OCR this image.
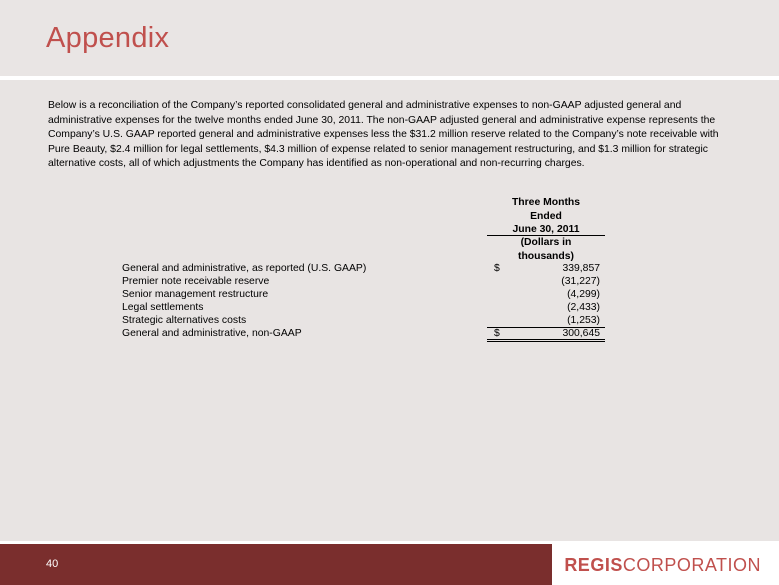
Appendix
Below is a reconciliation of the Company’s reported consolidated general and administrative expenses to non-GAAP adjusted general and administrative expenses for the twelve months ended June 30, 2011. The non-GAAP adjusted general and administrative expense represents the Company’s U.S. GAAP reported general and administrative expenses less the $31.2 million reserve related to the Company’s note receivable with Pure Beauty, $2.4 million for legal settlements, $4.3 million of expense related to senior management restructuring, and $1.3 million for strategic alternative costs, all of which adjustments the Company has identified as non-operational and non-recurring charges.
Three Months
Ended
June 30, 2011
(Dollars in
thousands)
General and administrative, as reported (U.S. GAAP)	$	339,857
Premier note receivable reserve	(31,227)
Senior management restructure	(4,299)
Legal settlements	(2,433)
Strategic alternatives costs	(1,253)
General and administrative, non-GAAP	$	300,645
40	REGISCORPORATION
